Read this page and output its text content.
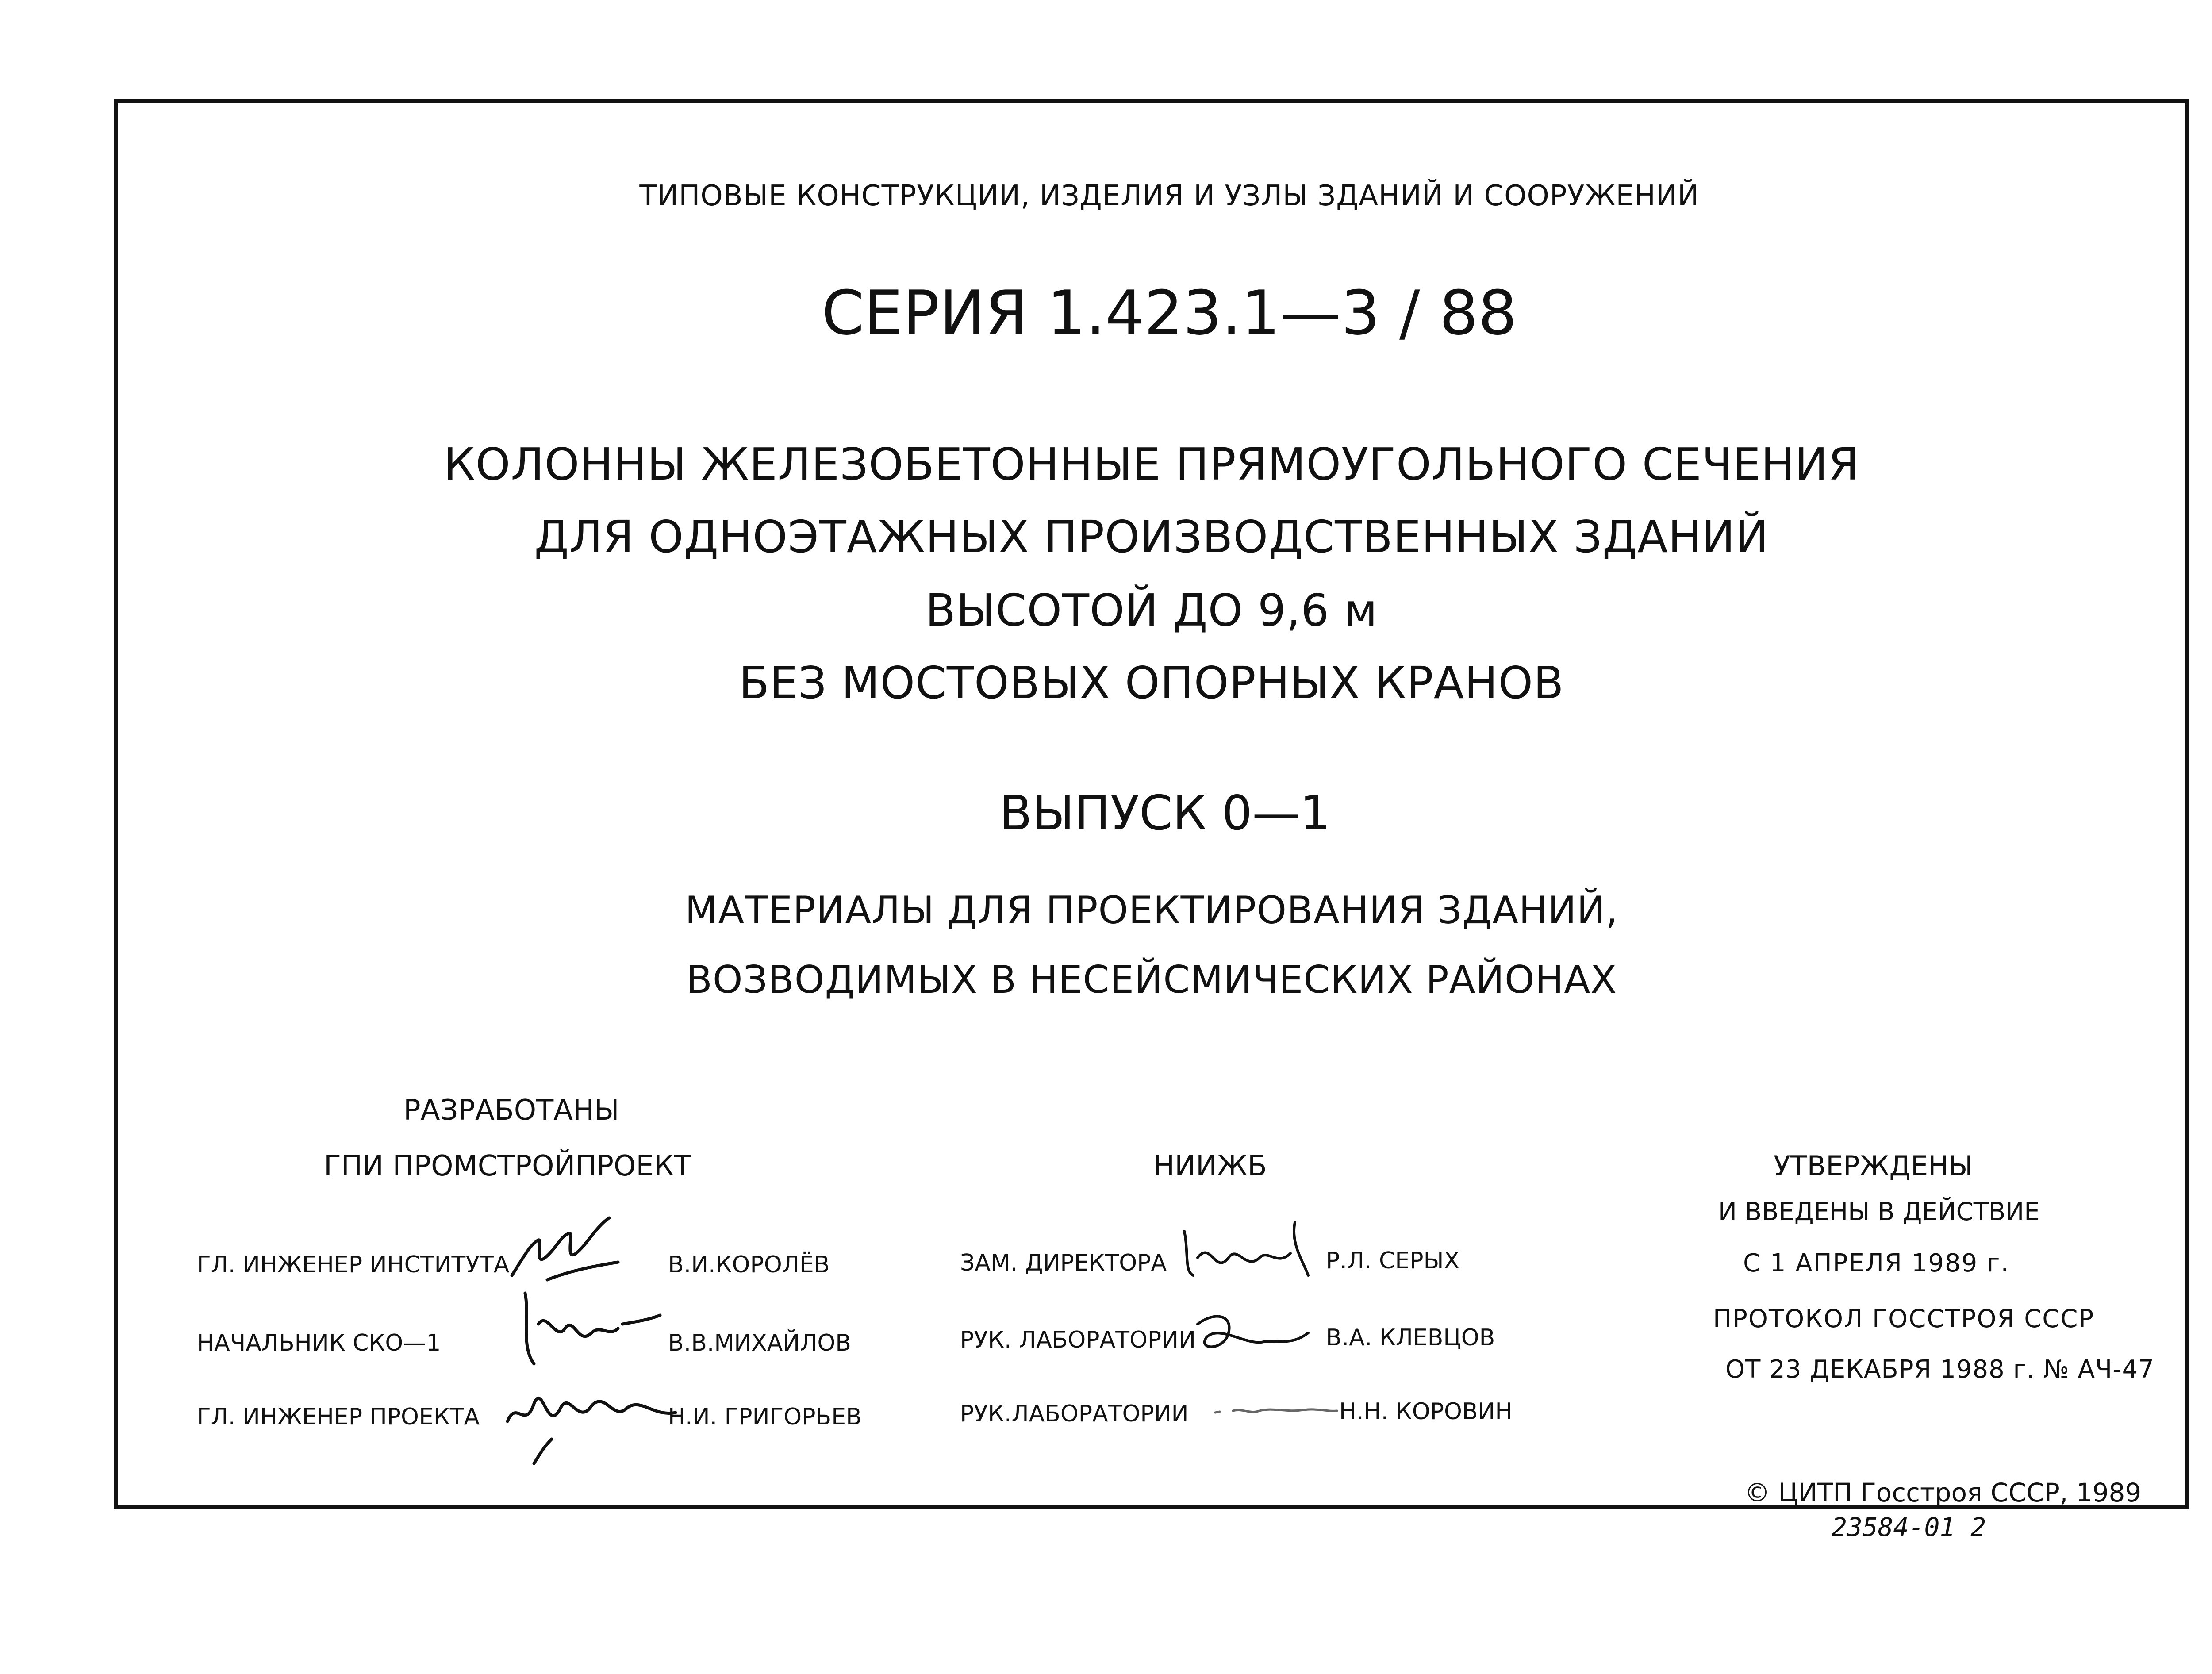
ТИПОВЫЕ КОНСТРУКЦИИ, ИЗДЕЛИЯ И УЗЛЫ ЗДАНИЙ И СООРУЖЕНИЙ
СЕРИЯ 1.423.1—3 / 88
КОЛОННЫ ЖЕЛЕЗОБЕТОННЫЕ ПРЯМОУГОЛЬНОГО СЕЧЕНИЯ
ДЛЯ ОДНОЭТАЖНЫХ ПРОИЗВОДСТВЕННЫХ ЗДАНИЙ
ВЫСОТОЙ ДО 9,6 м
БЕЗ МОСТОВЫХ ОПОРНЫХ КРАНОВ
ВЫПУСК 0—1
МАТЕРИАЛЫ ДЛЯ ПРОЕКТИРОВАНИЯ ЗДАНИЙ,
ВОЗВОДИМЫХ В НЕСЕЙСМИЧЕСКИХ РАЙОНАХ
РАЗРАБОТАНЫ
ГПИ ПРОМСТРОЙПРОЕКТ	НИИЖБ
ГЛ. ИНЖЕНЕР ИНСТИТУТА	В.И.КОРОЛЁВ
НАЧАЛЬНИК СКО—1	В.В.МИХАЙЛОВ
ГЛ. ИНЖЕНЕР ПРОЕКТА	Н.И. ГРИГОРЬЕВ
ЗАМ. ДИРЕКТОРА	Р.Л. СЕРЫХ
РУК. ЛАБОРАТОРИИ	В.А. КЛЕВЦОВ
РУК.ЛАБОРАТОРИИ	Н.Н. КОРОВИН
УТВЕРЖДЕНЫ
И ВВЕДЕНЫ В ДЕЙСТВИЕ
С 1 АПРЕЛЯ 1989 г.
ПРОТОКОЛ ГОССТРОЯ СССР
ОТ 23 ДЕКАБРЯ 1988 г. № АЧ-47
© ЦИТП Госстроя СССР, 1989
23584-01 2
